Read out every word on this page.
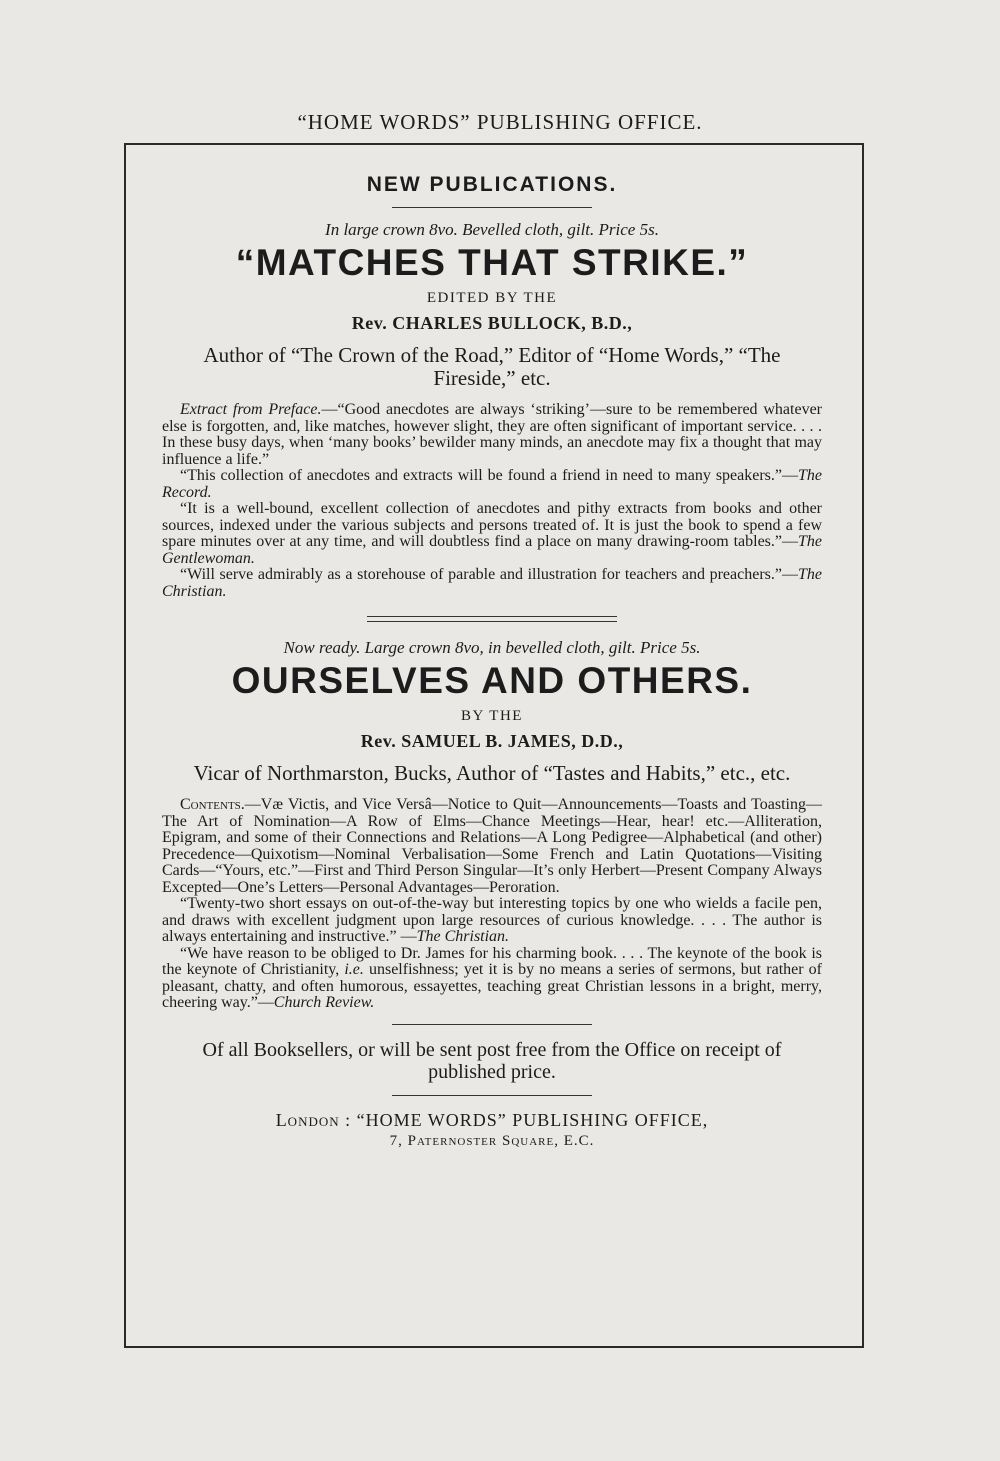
“HOME WORDS” PUBLISHING OFFICE.
NEW PUBLICATIONS.
In large crown 8vo. Bevelled cloth, gilt. Price 5s.
“MATCHES THAT STRIKE.”
EDITED BY THE
Rev. CHARLES BULLOCK, B.D.,
Author of “The Crown of the Road,” Editor of “Home Words,” “The Fireside,” etc.

Extract from Preface.—“Good anecdotes are always ‘striking’—sure to be remembered whatever else is forgotten, and, like matches, however slight, they are often significant of important service. . . . In these busy days, when ‘many books’ bewilder many minds, an anecdote may fix a thought that may influence a life.”

“This collection of anecdotes and extracts will be found a friend in need to many speakers.”—The Record.

“It is a well-bound, excellent collection of anecdotes and pithy extracts from books and other sources, indexed under the various subjects and persons treated of. It is just the book to spend a few spare minutes over at any time, and will doubtless find a place on many drawing-room tables.”—The Gentlewoman.

“Will serve admirably as a storehouse of parable and illustration for teachers and preachers.”—The Christian.

Now ready. Large crown 8vo, in bevelled cloth, gilt. Price 5s.
OURSELVES AND OTHERS.
BY THE
Rev. SAMUEL B. JAMES, D.D.,
Vicar of Northmarston, Bucks, Author of “Tastes and Habits,” etc., etc.

Contents.—Væ Victis, and Vice Versâ—Notice to Quit—Announcements—Toasts and Toasting—The Art of Nomination—A Row of Elms—Chance Meetings—Hear, hear! etc.—Alliteration, Epigram, and some of their Connections and Relations—A Long Pedigree—Alphabetical (and other) Precedence—Quixotism—Nominal Verbalisation—Some French and Latin Quotations—Visiting Cards—“Yours, etc.”—First and Third Person Singular—It’s only Herbert—Present Company Always Excepted—One’s Letters—Personal Advantages—Peroration.

“Twenty-two short essays on out-of-the-way but interesting topics by one who wields a facile pen, and draws with excellent judgment upon large resources of curious knowledge. . . . The author is always entertaining and instructive.” —The Christian.

“We have reason to be obliged to Dr. James for his charming book. . . . The keynote of the book is the keynote of Christianity, i.e. unselfishness; yet it is by no means a series of sermons, but rather of pleasant, chatty, and often humorous, essayettes, teaching great Christian lessons in a bright, merry, cheering way.”—Church Review.

Of all Booksellers, or will be sent post free from the Office on receipt of published price.
London : “HOME WORDS” PUBLISHING OFFICE,
7, Paternoster Square, E.C.
